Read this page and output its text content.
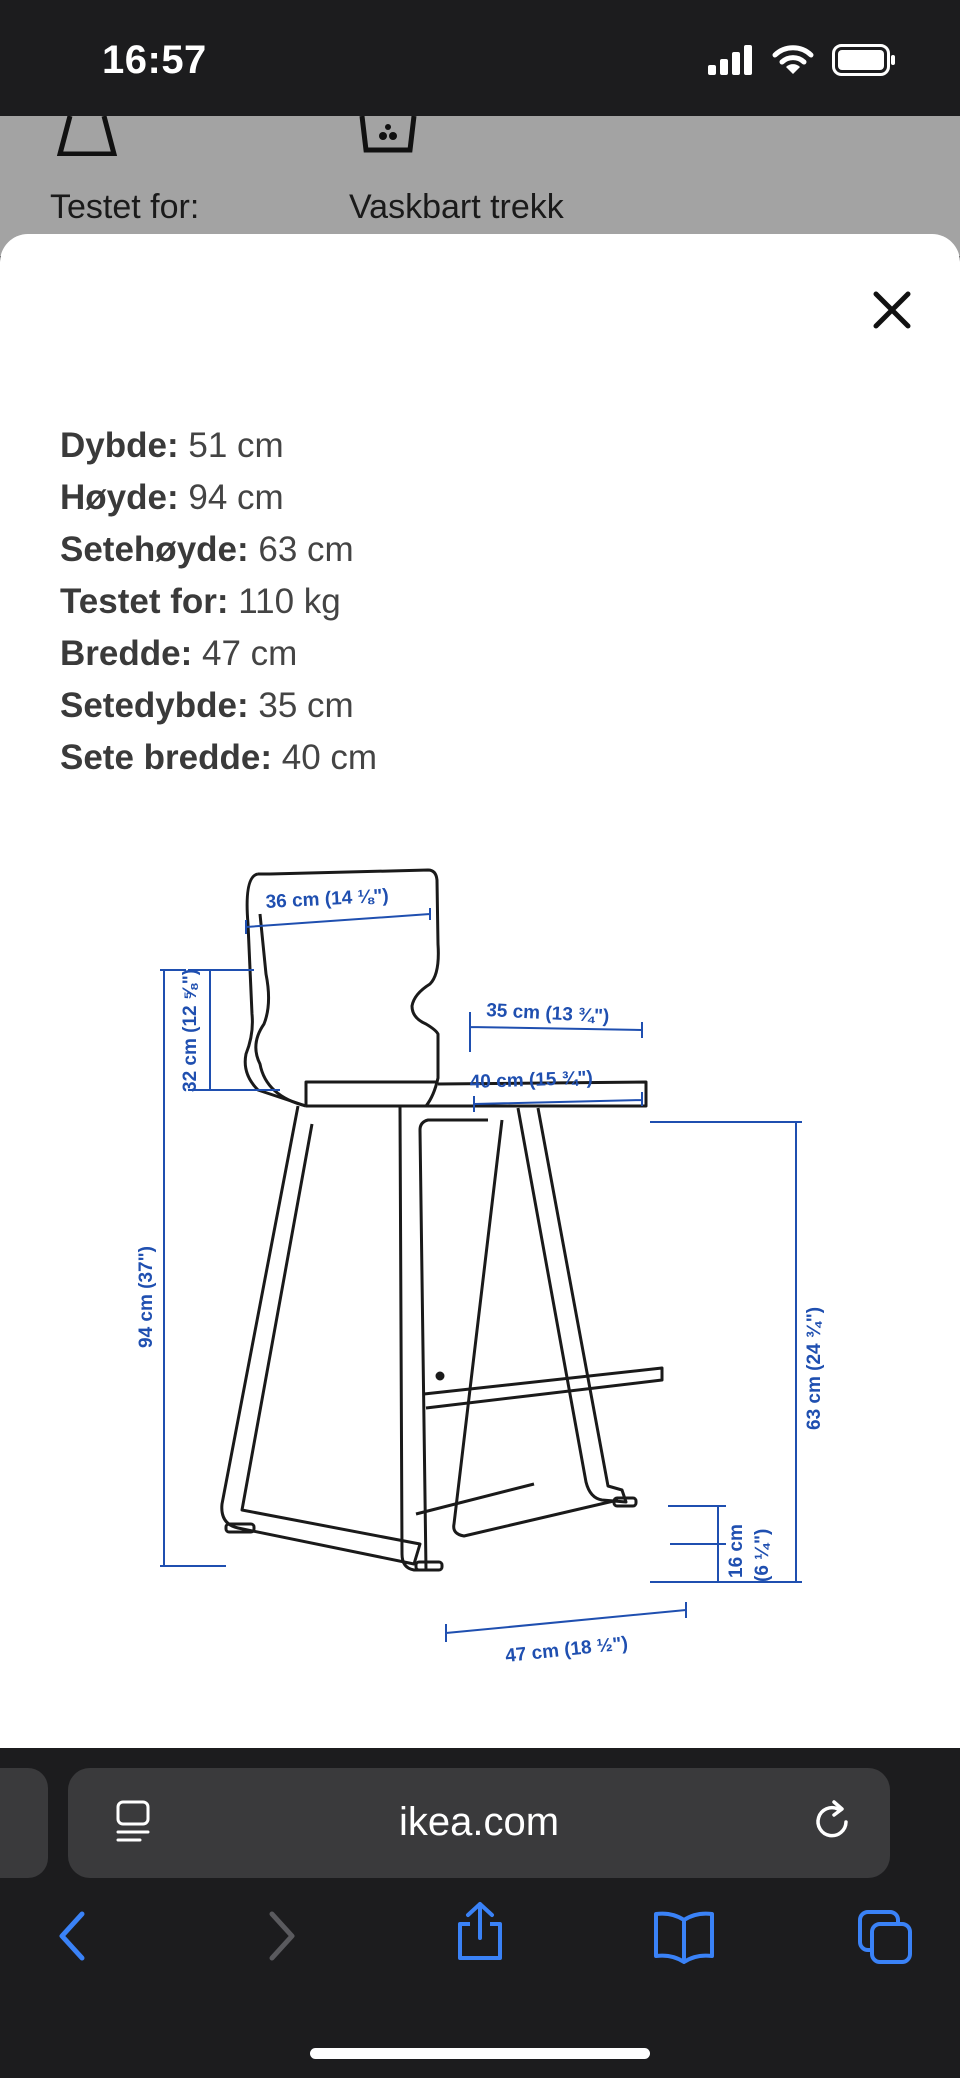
16:57
Testet for:	Vaskbart trekk
Dybde: 51 cm
Høyde: 94 cm
Setehøyde: 63 cm
Testet for: 110 kg
Bredde: 47 cm
Setedybde: 35 cm
Sete bredde: 40 cm
36 cm (14 ⅛")
35 cm (13 ¾")
40 cm (15 ¾")
32 cm (12 ⅝")
94 cm (37")
63 cm (24 ¾")
16 cm (6 ¼")
47 cm (18 ½")
ikea.com
